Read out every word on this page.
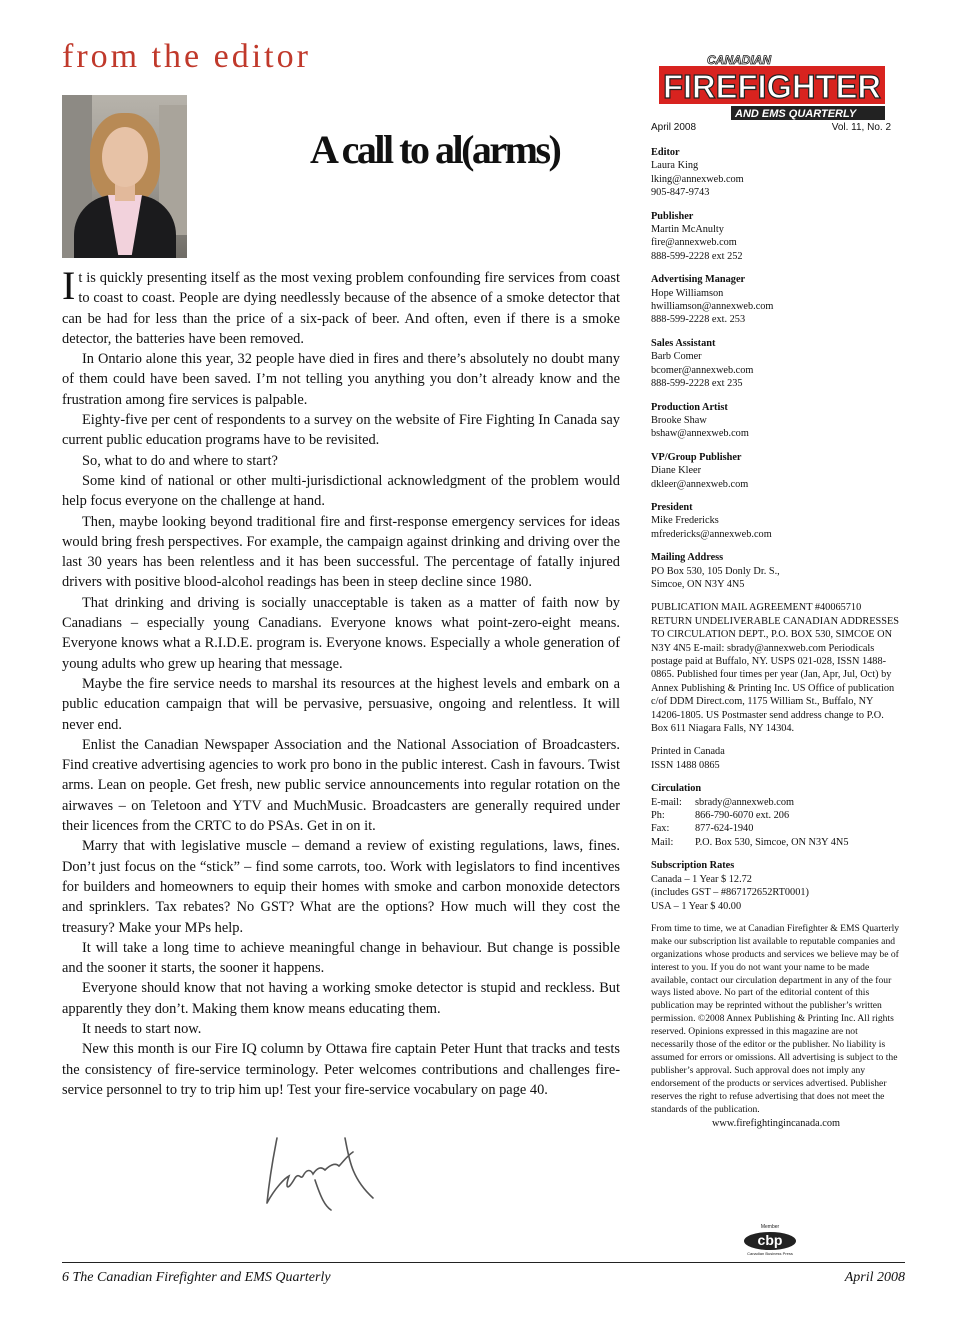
from the editor
A call to al(arms)

It is quickly presenting itself as the most vexing problem confounding fire services from coast to coast to coast. People are dying needlessly because of the absence of a smoke detector that can be had for less than the price of a six-pack of beer. And often, even if there is a smoke detector, the batteries have been removed.

In Ontario alone this year, 32 people have died in fires and there’s absolutely no doubt many of them could have been saved. I’m not telling you anything you don’t already know and the frustration among fire services is palpable.

Eighty-five per cent of respondents to a survey on the website of Fire Fighting In Canada say current public education programs have to be revisited.

So, what to do and where to start?

Some kind of national or other multi-jurisdictional acknowledgment of the problem would help focus everyone on the challenge at hand.

Then, maybe looking beyond traditional fire and first-response emergency services for ideas would bring fresh perspectives. For example, the campaign against drinking and driving over the last 30 years has been relentless and it has been successful. The percentage of fatally injured drivers with positive blood-alcohol readings has been in steep decline since 1980.

That drinking and driving is socially unacceptable is taken as a matter of faith now by Canadians – especially young Canadians. Everyone knows what point-zero-eight means. Everyone knows what a R.I.D.E. program is. Everyone knows. Especially a whole generation of young adults who grew up hearing that message.

Maybe the fire service needs to marshal its resources at the highest levels and embark on a public education campaign that will be pervasive, persuasive, ongoing and relentless. It will never end.

Enlist the Canadian Newspaper Association and the National Association of Broadcasters. Find creative advertising agencies to work pro bono in the public interest. Cash in favours. Twist arms. Lean on people. Get fresh, new public service announcements into regular rotation on the airwaves – on Teletoon and YTV and MuchMusic. Broadcasters are generally required under their licences from the CRTC to do PSAs. Get in on it.

Marry that with legislative muscle – demand a review of existing regulations, laws, fines. Don’t just focus on the “stick” – find some carrots, too. Work with legislators to find incentives for builders and homeowners to equip their homes with smoke and carbon monoxide detectors and sprinklers. Tax rebates? No GST? What are the options? How much will they cost the treasury? Make your MPs help.

It will take a long time to achieve meaningful change in behaviour. But change is possible and the sooner it starts, the sooner it happens.

Everyone should know that not having a working smoke detector is stupid and reckless. But apparently they don’t. Making them know means educating them.

It needs to start now.

New this month is our Fire IQ column by Ottawa fire captain Peter Hunt that tracks and tests the consistency of fire-service terminology. Peter welcomes contributions and challenges fire-service personnel to try to trip him up! Test your fire-service vocabulary on page 40.

CANADIAN
FIREFIGHTER
AND EMS QUARTERLY
April 2008	Vol. 11, No. 2
Editor
Laura King
lking@annexweb.com
905-847-9743
Publisher
Martin McAnulty
fire@annexweb.com
888-599-2228 ext 252
Advertising Manager
Hope Williamson
hwilliamson@annexweb.com
888-599-2228 ext. 253
Sales Assistant
Barb Comer
bcomer@annexweb.com
888-599-2228 ext 235
Production Artist
Brooke Shaw
bshaw@annexweb.com
VP/Group Publisher
Diane Kleer
dkleer@annexweb.com
President
Mike Fredericks
mfredericks@annexweb.com
Mailing Address
PO Box 530, 105 Donly Dr. S.,
Simcoe, ON N3Y 4N5
PUBLICATION MAIL AGREEMENT #40065710 RETURN UNDELIVERABLE CANADIAN ADDRESSES TO CIRCULATION DEPT., P.O. BOX 530, SIMCOE ON N3Y 4N5 E-mail: sbrady@annexweb.com Periodicals postage paid at Buffalo, NY. USPS 021-028, ISSN 1488-0865. Published four times per year (Jan, Apr, Jul, Oct) by Annex Publishing & Printing Inc. US Office of publication c/of DDM Direct.com, 1175 William St., Buffalo, NY 14206-1805. US Postmaster send address change to P.O. Box 611 Niagara Falls, NY 14304.
Printed in Canada
ISSN 1488 0865
Circulation
E-mail:	sbrady@annexweb.com
Ph:	866-790-6070 ext. 206
Fax:	877-624-1940
Mail:	P.O. Box 530, Simcoe, ON N3Y 4N5
Subscription Rates
Canada – 1 Year $ 12.72
(includes GST – #867172652RT0001)
USA – 1 Year $ 40.00
From time to time, we at Canadian Firefighter & EMS Quarterly make our subscription list available to reputable companies and organizations whose products and services we believe may be of interest to you. If you do not want your name to be made available, contact our circulation department in any of the four ways listed above. No part of the editorial content of this publication may be reprinted without the publisher’s written permission. ©2008 Annex Publishing & Printing Inc. All rights reserved. Opinions expressed in this magazine are not necessarily those of the editor or the publisher. No liability is assumed for errors or omissions. All advertising is subject to the publisher’s approval. Such approval does not imply any endorsement of the products or services advertised. Publisher reserves the right to refuse advertising that does not meet the standards of the publication.
www.firefightingincanada.com
Member
cbp
Canadian Business Press
6 The Canadian Firefighter and EMS Quarterly	April 2008
